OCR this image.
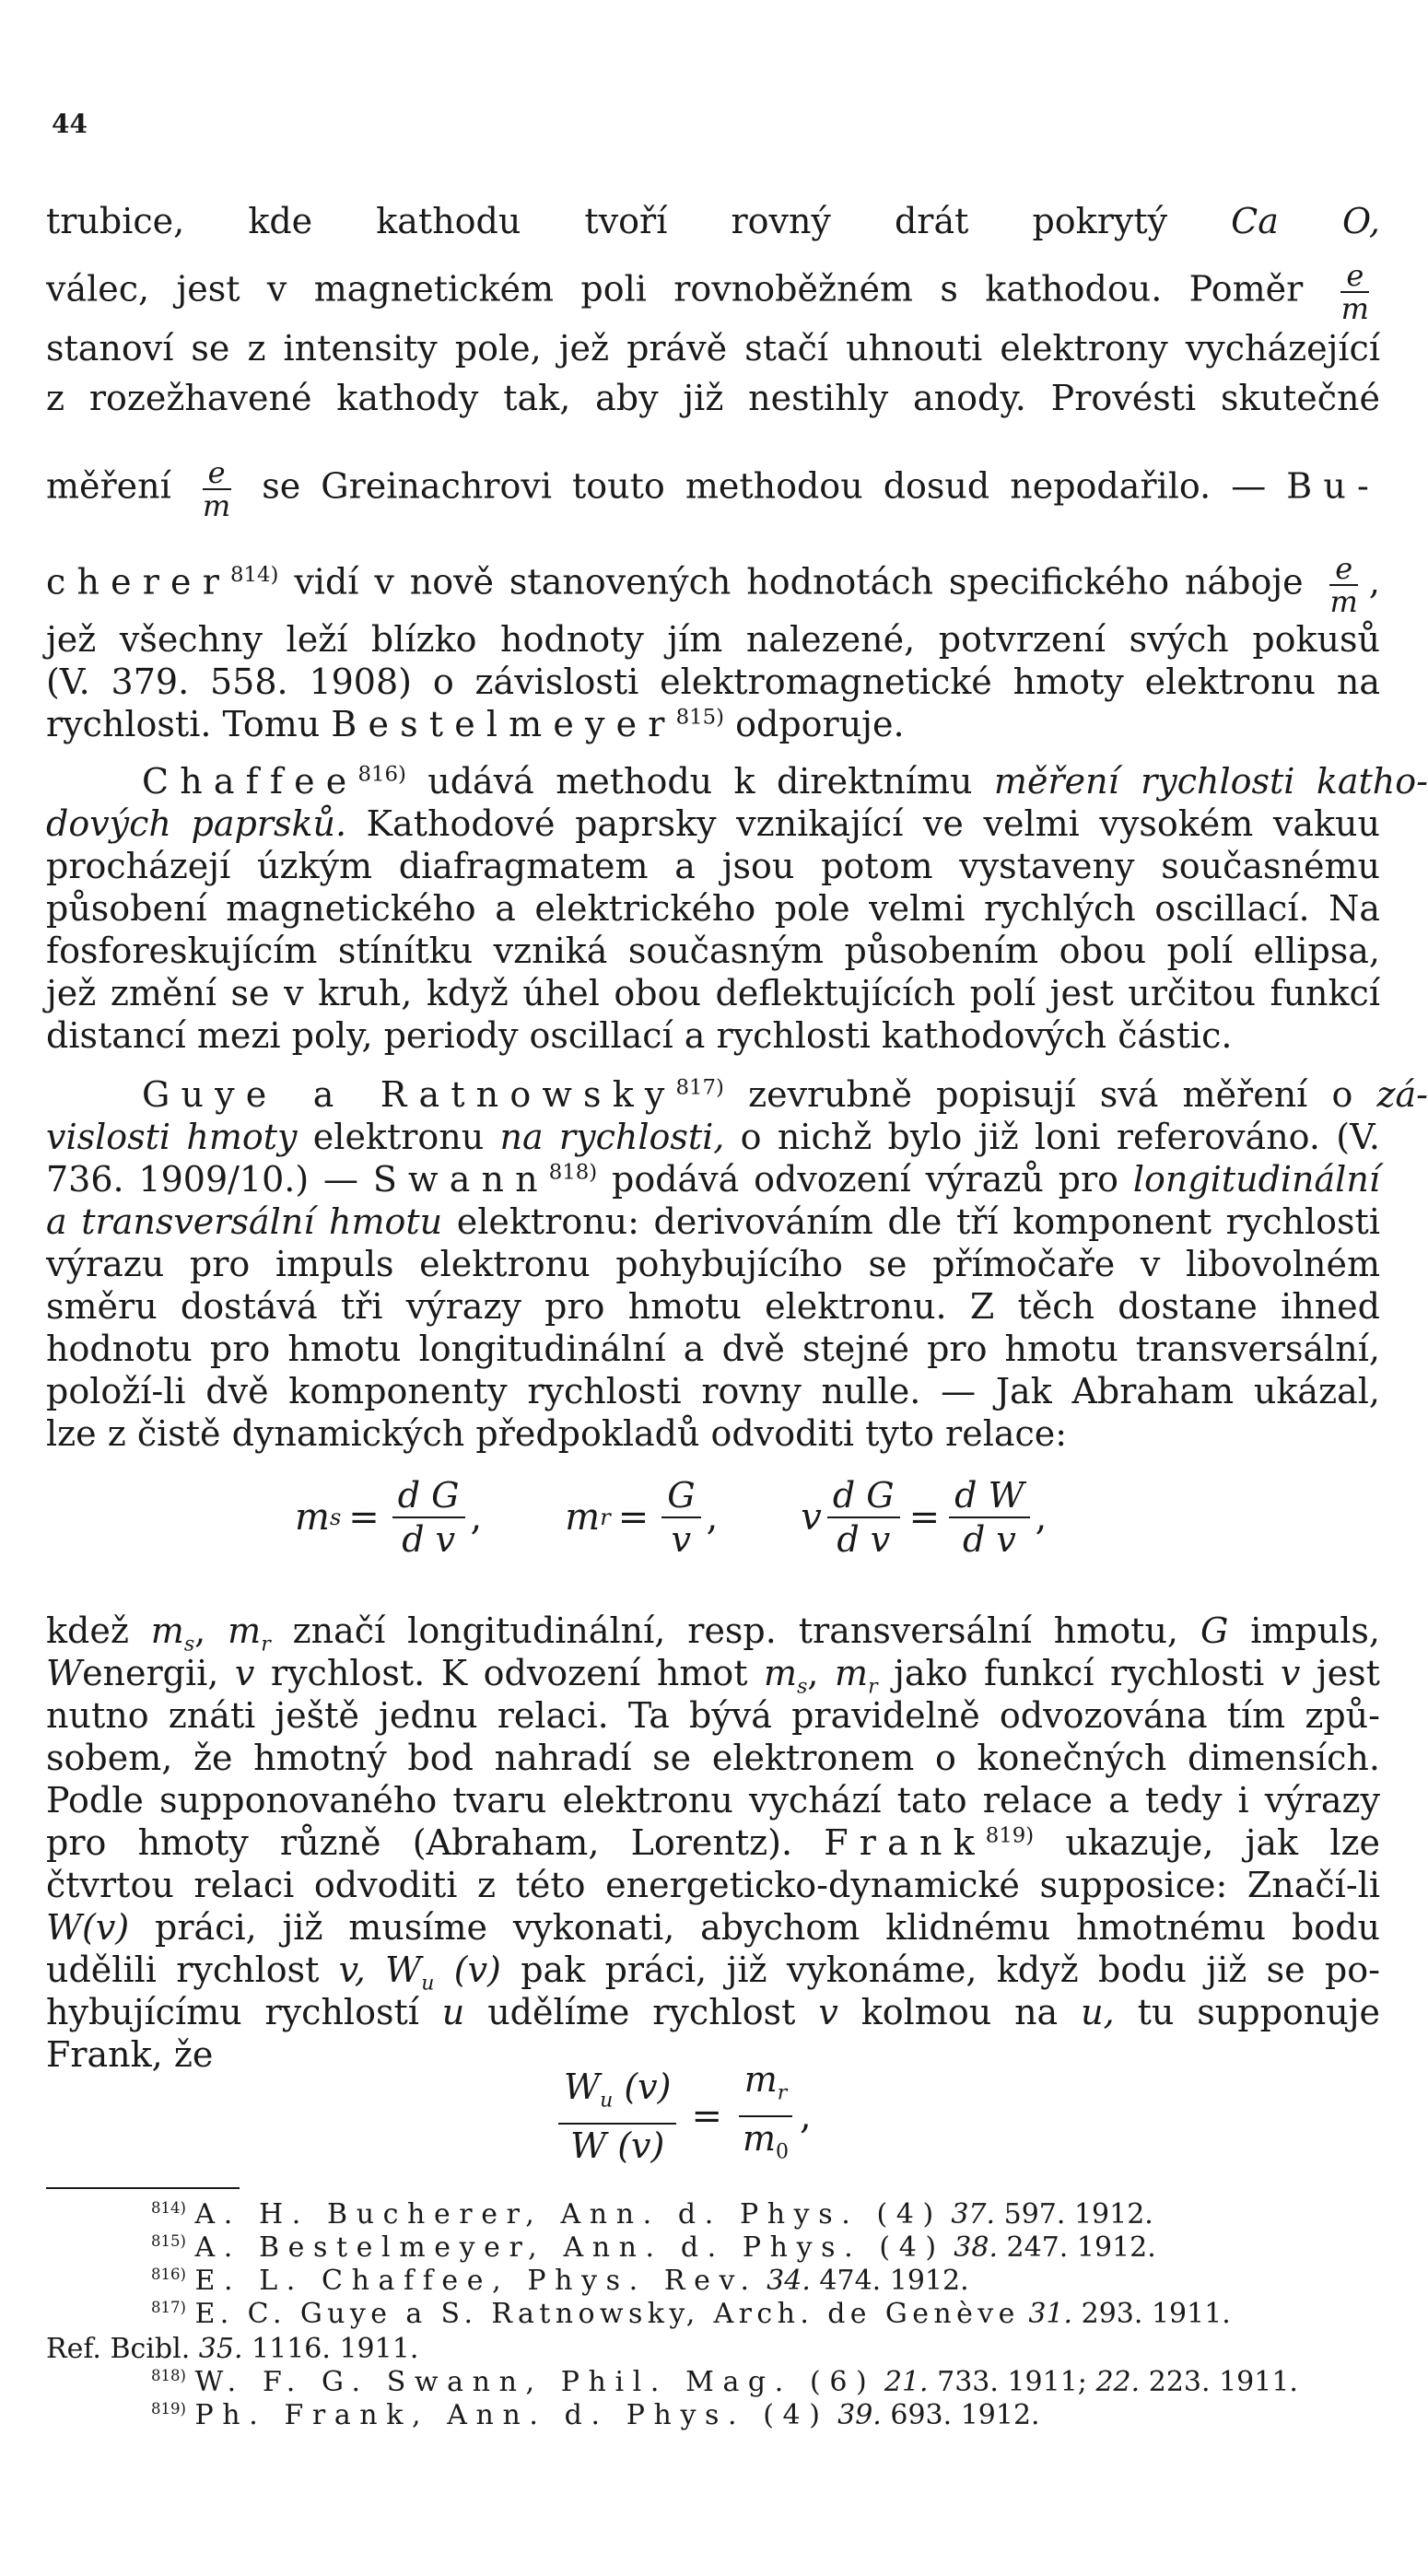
44
trubice, kde kathodu tvoří rovný drát pokrytý Ca O,
válec, jest v magnetickém poli rovnoběžném s kathodou. Poměr $\frac{e}{m}$
stanoví se z intensity pole, jež právě stačí uhnouti elektrony vycházející
z rozežhavené kathody tak, aby již nestihly anody. Provésti skutečné
měření $\frac{e}{m}$ se Greinachrovi touto methodou dosud nepodařilo. — Bu-
cherer$^{814)}$ vidí v nově stanovených hodnotách specifického náboje $\frac{e}{m}$ ,
jež všechny leží blízko hodnoty jím nalezené, potvrzení svých pokusů
(V. 379. 558. 1908) o závislosti elektromagnetické hmoty elektronu na
rychlosti. Tomu Bestelmeyer$^{815)}$ odporuje.
Chaffee$^{816)}$ udává methodu k direktnímu měření rychlosti katho-
dových paprsků. Kathodové paprsky vznikající ve velmi vysokém vakuu
procházejí úzkým diafragmatem a jsou potom vystaveny současnému
působení magnetického a elektrického pole velmi rychlých oscillací. Na
fosforeskujícím stínítku vzniká současným působením obou polí ellipsa,
jež změní se v kruh, když úhel obou deflektujících polí jest určitou funkcí
distancí mezi poly, periody oscillací a rychlosti kathodových částic.
Guye a Ratnowsky$^{817)}$ zevrubně popisují svá měření o zá-
vislosti hmoty elektronu na rychlosti, o nichž bylo již loni referováno. (V.
736. 1909/10.) — Swann$^{818)}$ podává odvození výrazů pro longitudinální
a transversální hmotu elektronu: derivováním dle tří komponent rychlosti
výrazu pro impuls elektronu pohybujícího se přímočaře v libovolném
směru dostává tři výrazy pro hmotu elektronu. Z těch dostane ihned
hodnotu pro hmotu longitudinální a dvě stejné pro hmotu transversální,
položí-li dvě komponenty rychlosti rovny nulle. — Jak Abraham ukázal,
lze z čistě dynamických předpokladů odvoditi tyto relace:
m $s = \frac{\text{d G}}{\text{d v}}$ , m $r = \frac{G}{v}$ , v $\frac{\text{d G}}{\text{d v}} = \frac{\text{d W}}{\text{d v}}$ ,
kdež $m_s$, $m_r$ značí longitudinální, resp. transversální hmotu, G impuls,
Wenergii, v rychlost. K odvození hmot $m_s$, $m_r$ jako funkcí rychlosti v jest
nutno znáti ještě jednu relaci. Ta bývá pravidelně odvozována tím způ-
sobem, že hmotný bod nahradí se elektronem o konečných dimensích.
Podle supponovaného tvaru elektronu vychází tato relace a tedy i výrazy
pro hmoty různě (Abraham, Lorentz). Frank$^{819)}$ ukazuje, jak lze
čtvrtou relaci odvoditi z této energeticko-dynamické supposice: Značí-li
W(v) práci, již musíme vykonati, abychom klidnému hmotnému bodu
udělili rychlost v, $W_u$ (v) pak práci, již vykonáme, když bodu již se po-
hybujícímu rychlostí u udělíme rychlost v kolmou na u, tu supponuje
Frank, že
$\frac{W_u (v)}{W (v)} = \frac{m_r}{m_0}$ ,
$^{814)}$ A. H. Bucherer, Ann. d. Phys. (4) 37. 597. 1912.
$^{815)}$ A. Bestelmeyer, Ann. d. Phys. (4) 38. 247. 1912.
$^{816)}$ E. L. Chaffee, Phys. Rev. 34. 474. 1912.
$^{817)}$ E. C. Guye a S. Ratnowsky, Arch. de Genève 31. 293. 1911.
Ref. Bcibl. 35. 1116. 1911.
$^{818)}$ W. F. G. Swann, Phil. Mag. (6) 21. 733. 1911; 22. 223. 1911.
$^{819)}$ Ph. Frank, Ann. d. Phys. (4) 39. 693. 1912.
